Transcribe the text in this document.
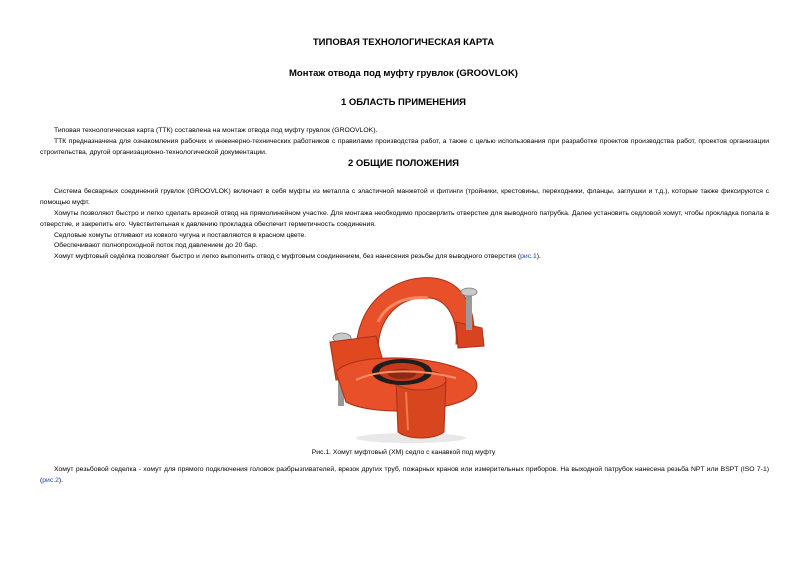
ТИПОВАЯ ТЕХНОЛОГИЧЕСКАЯ КАРТА
Монтаж отвода под муфту грувлок (GROOVLOK)
1 ОБЛАСТЬ ПРИМЕНЕНИЯ
Типовая технологическая карта (ТТК) составлена на монтаж отвода под муфту грувлок (GROOVLOK).
ТТК предназначена для ознакомления рабочих и инженерно-технических работников с правилами производства работ, а также с целью использования при разработке проектов производства работ, проектов организации строительства, другой организационно-технологической документации.
2 ОБЩИЕ ПОЛОЖЕНИЯ
Система бесварных соединений грувлок (GROOVLOK) включает в себя муфты из металла с эластичной манжетой и фитинги (тройники, крестовины, переходники, фланцы, заглушки и т.д.), которые также фиксируются с помощью муфт.
Хомуты позволяют быстро и легко сделать врезной отвод на прямолинейном участке. Для монтажа необходимо просверлить отверстие для выводного патрубка. Далее установить седловой хомут, чтобы прокладка попала в отверстие, и закрепить его. Чувствительная к давлению прокладка обеспечит герметичность соединения.
Седловые хомуты отливают из ковкого чугуна и поставляются в красном цвете.
Обеспечивают полнопроходной поток под давлением до 20 бар.
Хомут муфтовый седёлка позволяет быстро и легко выполнить отвод с муфтовым соединением, без нанесения резьбы для выводного отверстия (рис.1).
Рис.1. Хомут муфтовый (ХМ) седло с канавкой под муфту
Хомут резьбовой седелка - хомут для прямого подключения головок разбрызгивателей, врезок других труб, пожарных кранов или измерительных приборов. На выходной патрубок нанесена резьба NPT или BSPT (ISO 7-1) (рис.2).
